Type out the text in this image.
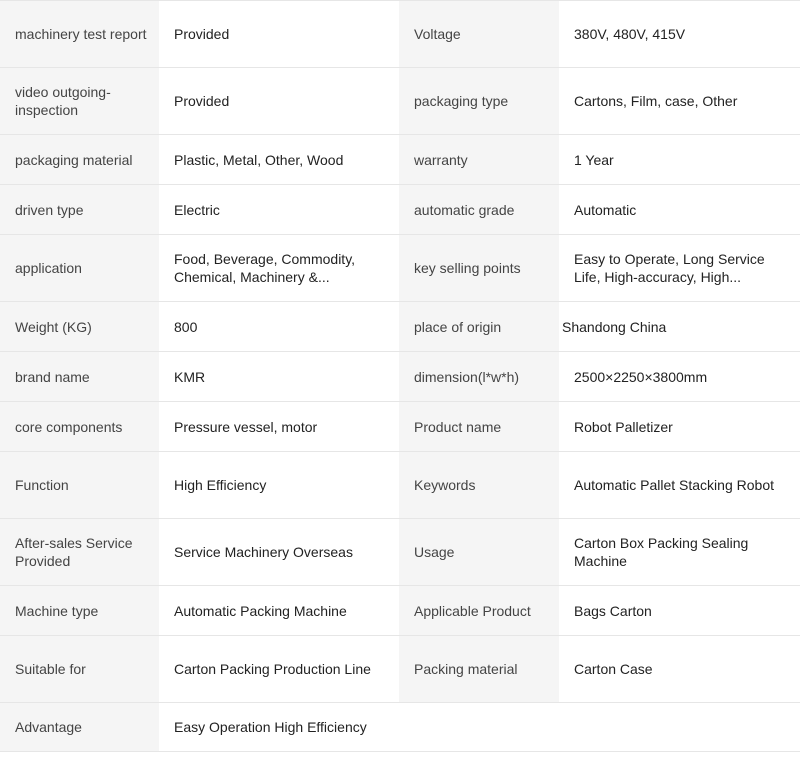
machinery test report	Provided	Voltage	380V, 480V, 415V
video outgoing-inspection	Provided	packaging type	Cartons, Film, case, Other
packaging material	Plastic, Metal, Other, Wood	warranty	1 Year
driven type	Electric	automatic grade	Automatic
application	Food, Beverage, Commodity, Chemical, Machinery &...	key selling points	Easy to Operate, Long Service Life, High-accuracy, High...
Weight (KG)	800	place of origin	Shandong China
brand name	KMR	dimension(l*w*h)	2500×2250×3800mm
core components	Pressure vessel, motor	Product name	Robot Palletizer
Function	High Efficiency	Keywords	Automatic Pallet Stacking Robot
After-sales Service Provided	Service Machinery Overseas	Usage	Carton Box Packing Sealing Machine
Machine type	Automatic Packing Machine	Applicable Product	Bags Carton
Suitable for	Carton Packing Production Line	Packing material	Carton Case
Advantage	Easy Operation High Efficiency		
